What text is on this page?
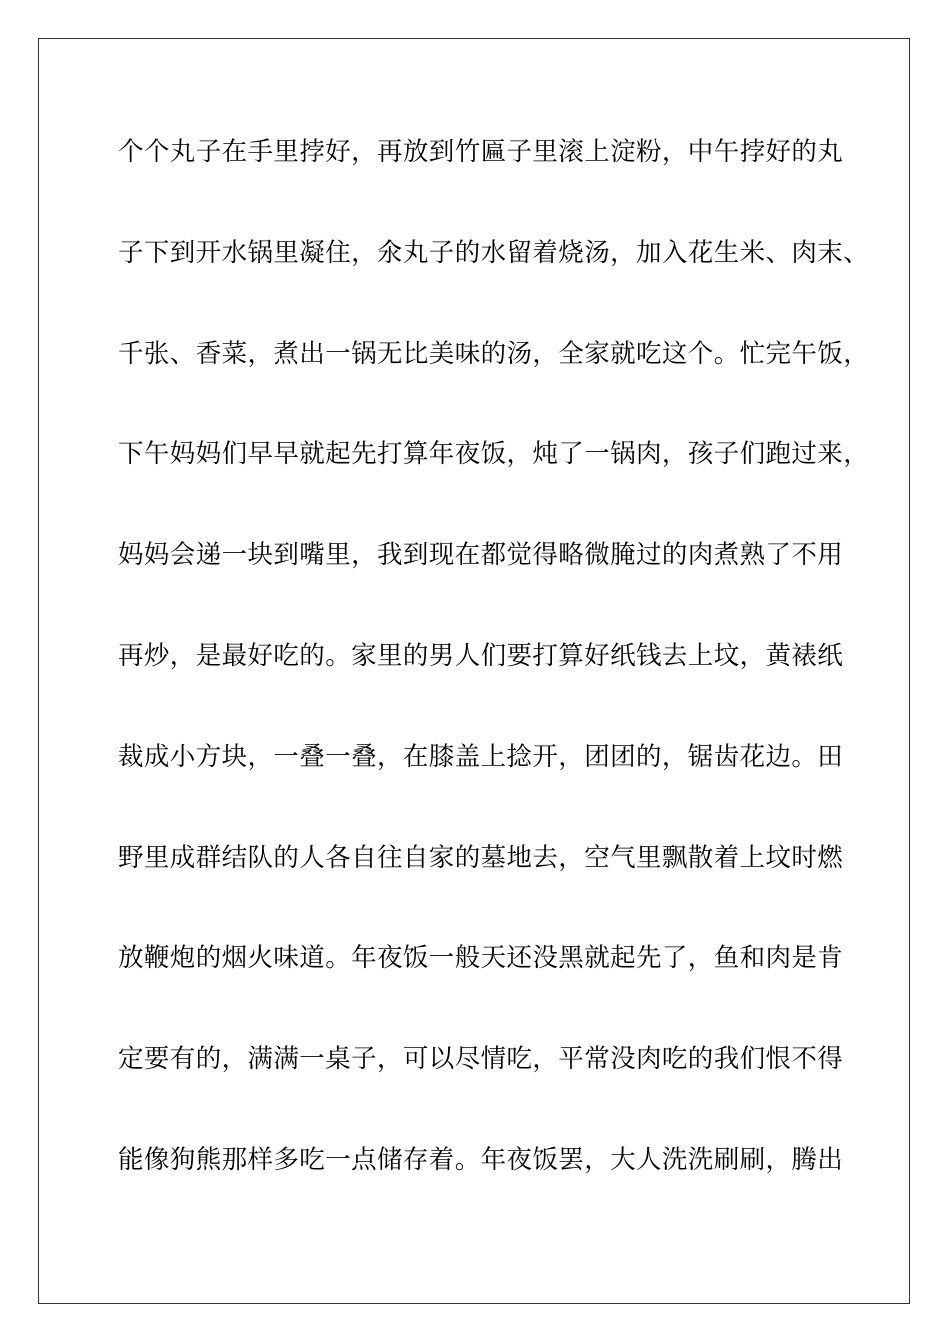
个个丸子在手里挬好，再放到竹匾子里滚上淀粉，中午挬好的丸
子下到开水锅里凝住，氽丸子的水留着烧汤，加入花生米、肉末、
千张、香菜，煮出一锅无比美味的汤，全家就吃这个。忙完午饭，
下午妈妈们早早就起先打算年夜饭，炖了一锅肉，孩子们跑过来，
妈妈会递一块到嘴里，我到现在都觉得略微腌过的肉煮熟了不用
再炒，是最好吃的。家里的男人们要打算好纸钱去上坟，黄裱纸
裁成小方块，一叠一叠，在膝盖上捻开，团团的，锯齿花边。田
野里成群结队的人各自往自家的墓地去，空气里飘散着上坟时燃
放鞭炮的烟火味道。年夜饭一般天还没黑就起先了，鱼和肉是肯
定要有的，满满一桌子，可以尽情吃，平常没肉吃的我们恨不得
能像狗熊那样多吃一点储存着。年夜饭罢，大人洗洗刷刷，腾出
